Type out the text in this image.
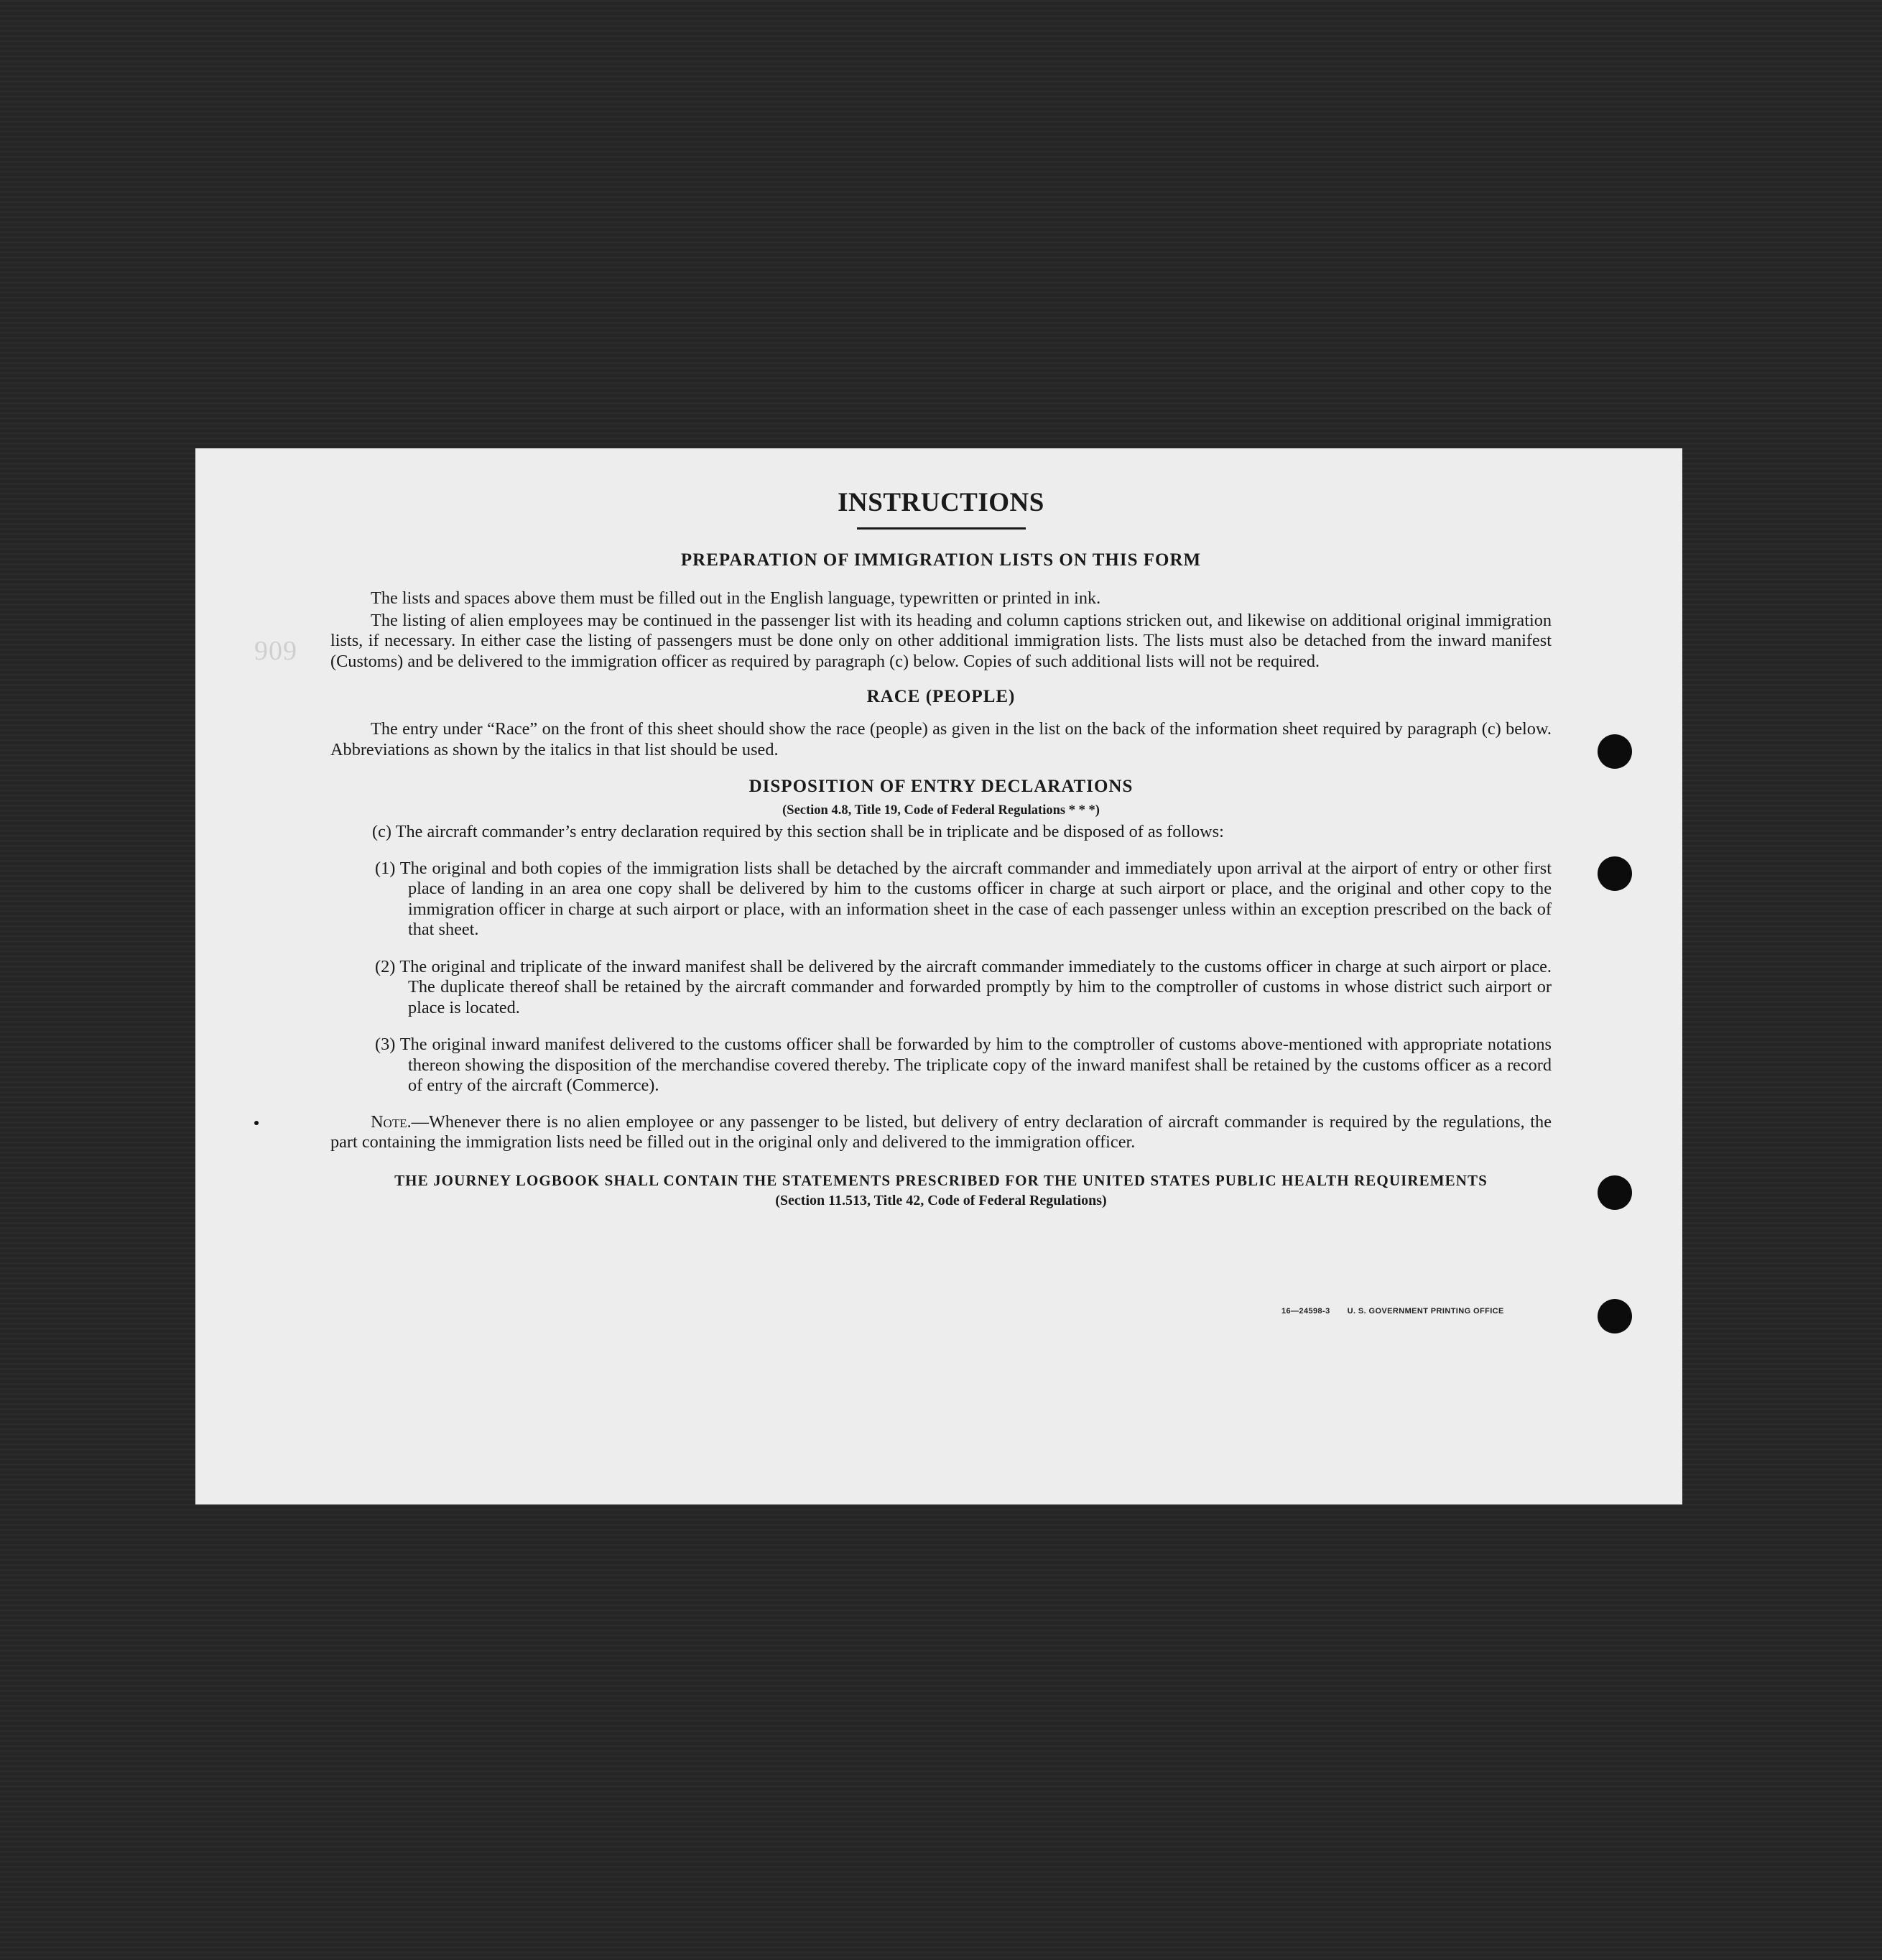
909
INSTRUCTIONS
PREPARATION OF IMMIGRATION LISTS ON THIS FORM

The lists and spaces above them must be filled out in the English language, typewritten or printed in ink.

The listing of alien employees may be continued in the passenger list with its heading and column captions stricken out, and likewise on additional original immigration lists, if necessary. In either case the listing of passengers must be done only on other additional immigration lists. The lists must also be detached from the inward manifest (Customs) and be delivered to the immigration officer as required by paragraph (c) below. Copies of such additional lists will not be required.

RACE (PEOPLE)

The entry under “Race” on the front of this sheet should show the race (people) as given in the list on the back of the information sheet required by paragraph (c) below. Abbreviations as shown by the italics in that list should be used.

DISPOSITION OF ENTRY DECLARATIONS

(Section 4.8, Title 19, Code of Federal Regulations * * *)

(c) The aircraft commander’s entry declaration required by this section shall be in triplicate and be disposed of as follows:

(1) The original and both copies of the immigration lists shall be detached by the aircraft commander and immediately upon arrival at the airport of entry or other first place of landing in an area one copy shall be delivered by him to the customs officer in charge at such airport or place, and the original and other copy to the immigration officer in charge at such airport or place, with an information sheet in the case of each passenger unless within an exception prescribed on the back of that sheet.
(2) The original and triplicate of the inward manifest shall be delivered by the aircraft commander immediately to the customs officer in charge at such airport or place. The duplicate thereof shall be retained by the aircraft commander and forwarded promptly by him to the comptroller of customs in whose district such airport or place is located.
(3) The original inward manifest delivered to the customs officer shall be forwarded by him to the comptroller of customs above-mentioned with appropriate notations thereon showing the disposition of the merchandise covered thereby. The triplicate copy of the inward manifest shall be retained by the customs officer as a record of entry of the aircraft (Commerce).

Note.—Whenever there is no alien employee or any passenger to be listed, but delivery of entry declaration of aircraft commander is required by the regulations, the part containing the immigration lists need be filled out in the original only and delivered to the immigration officer.

THE JOURNEY LOGBOOK SHALL CONTAIN THE STATEMENTS PRESCRIBED FOR THE UNITED STATES PUBLIC HEALTH REQUIREMENTS

(Section 11.513, Title 42, Code of Federal Regulations)

16—24598-3 U. S. GOVERNMENT PRINTING OFFICE
